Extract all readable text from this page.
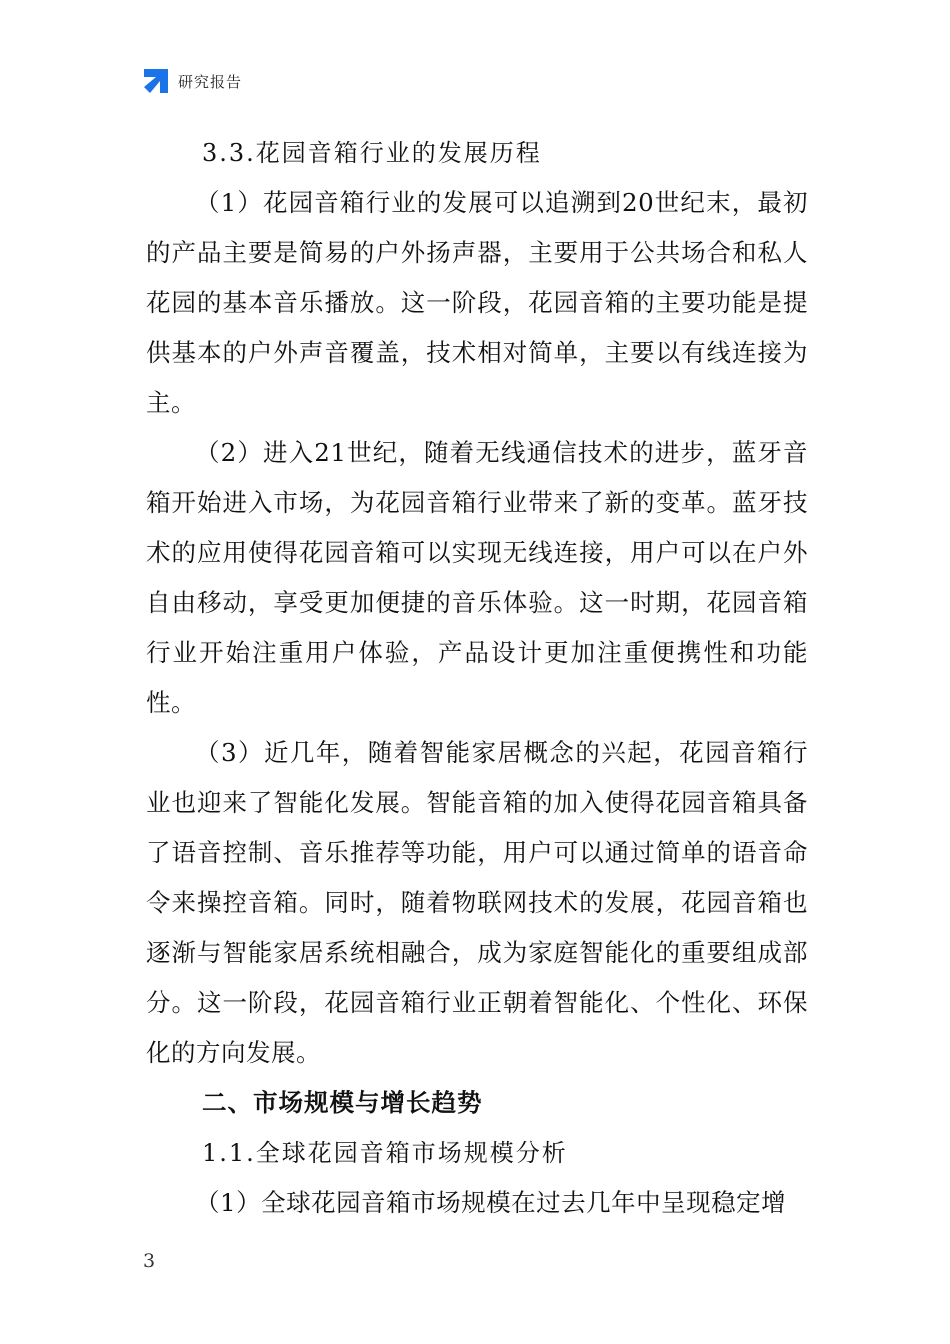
研究报告
3.3.花园音箱行业的发展历程

（1）花园音箱行业的发展可以追溯到20世纪末，最初的产品主要是简易的户外扬声器，主要用于公共场合和私人花园的基本音乐播放。这一阶段，花园音箱的主要功能是提供基本的户外声音覆盖，技术相对简单，主要以有线连接为主。

（2）进入21世纪，随着无线通信技术的进步，蓝牙音箱开始进入市场，为花园音箱行业带来了新的变革。蓝牙技术的应用使得花园音箱可以实现无线连接，用户可以在户外自由移动，享受更加便捷的音乐体验。这一时期，花园音箱行业开始注重用户体验，产品设计更加注重便携性和功能性。

（3）近几年，随着智能家居概念的兴起，花园音箱行业也迎来了智能化发展。智能音箱的加入使得花园音箱具备了语音控制、音乐推荐等功能，用户可以通过简单的语音命令来操控音箱。同时，随着物联网技术的发展，花园音箱也逐渐与智能家居系统相融合，成为家庭智能化的重要组成部分。这一阶段，花园音箱行业正朝着智能化、个性化、环保化的方向发展。

二、市场规模与增长趋势
1.1.全球花园音箱市场规模分析

（1）全球花园音箱市场规模在过去几年中呈现稳定增

3
